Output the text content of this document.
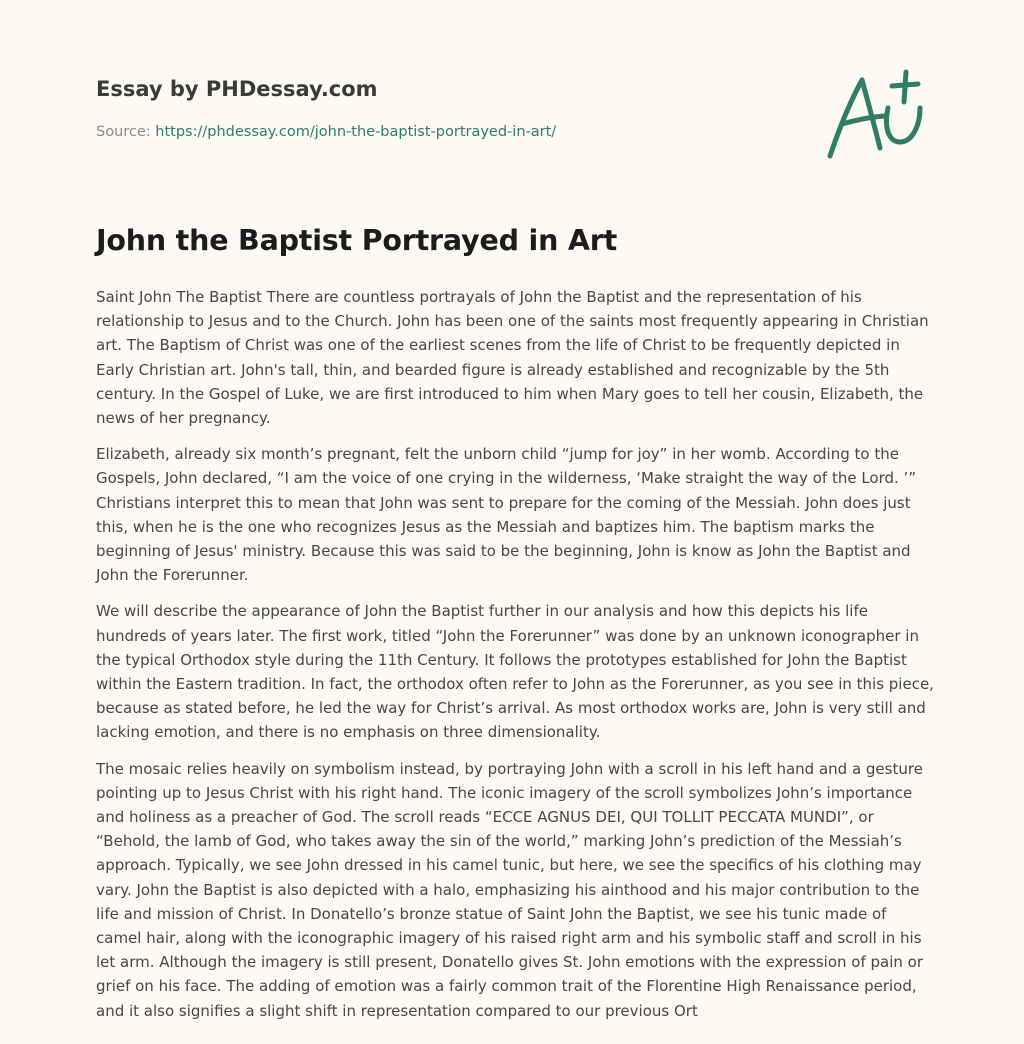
Essay by PHDessay.com
Source: https://phdessay.com/john-the-baptist-portrayed-in-art/
John the Baptist Portrayed in Art

Saint John The Baptist There are countless portrayals of John the Baptist and the representation of his relationship to Jesus and to the Church. John has been one of the saints most frequently appearing in Christian art. The Baptism of Christ was one of the earliest scenes from the life of Christ to be frequently depicted in Early Christian art. John's tall, thin, and bearded figure is already established and recognizable by the 5th century. In the Gospel of Luke, we are first introduced to him when Mary goes to tell her cousin, Elizabeth, the news of her pregnancy.

Elizabeth, already six month’s pregnant, felt the unborn child “jump for joy” in her womb. According to the Gospels, John declared, “I am the voice of one crying in the wilderness, ‘Make straight the way of the Lord. ’” Christians interpret this to mean that John was sent to prepare for the coming of the Messiah. John does just this, when he is the one who recognizes Jesus as the Messiah and baptizes him. The baptism marks the beginning of Jesus' ministry. Because this was said to be the beginning, John is know as John the Baptist and John the Forerunner.

We will describe the appearance of John the Baptist further in our analysis and how this depicts his life hundreds of years later. The first work, titled “John the Forerunner” was done by an unknown iconographer in the typical Orthodox style during the 11th Century. It follows the prototypes established for John the Baptist within the Eastern tradition. In fact, the orthodox often refer to John as the Forerunner, as you see in this piece, because as stated before, he led the way for Christ’s arrival. As most orthodox works are, John is very still and lacking emotion, and there is no emphasis on three dimensionality.

The mosaic relies heavily on symbolism instead, by portraying John with a scroll in his left hand and a gesture pointing up to Jesus Christ with his right hand. The iconic imagery of the scroll symbolizes John’s importance and holiness as a preacher of God. The scroll reads “ECCE AGNUS DEI, QUI TOLLIT PECCATA MUNDI”, or “Behold, the lamb of God, who takes away the sin of the world,” marking John’s prediction of the Messiah’s approach. Typically, we see John dressed in his camel tunic, but here, we see the specifics of his clothing may vary. John the Baptist is also depicted with a halo, emphasizing his ainthood and his major contribution to the life and mission of Christ. In Donatello’s bronze statue of Saint John the Baptist, we see his tunic made of camel hair, along with the iconographic imagery of his raised right arm and his symbolic staff and scroll in his let arm. Although the imagery is still present, Donatello gives St. John emotions with the expression of pain or grief on his face. The adding of emotion was a fairly common trait of the Florentine High Renaissance period, and it also signifies a slight shift in representation compared to our previous Ort
